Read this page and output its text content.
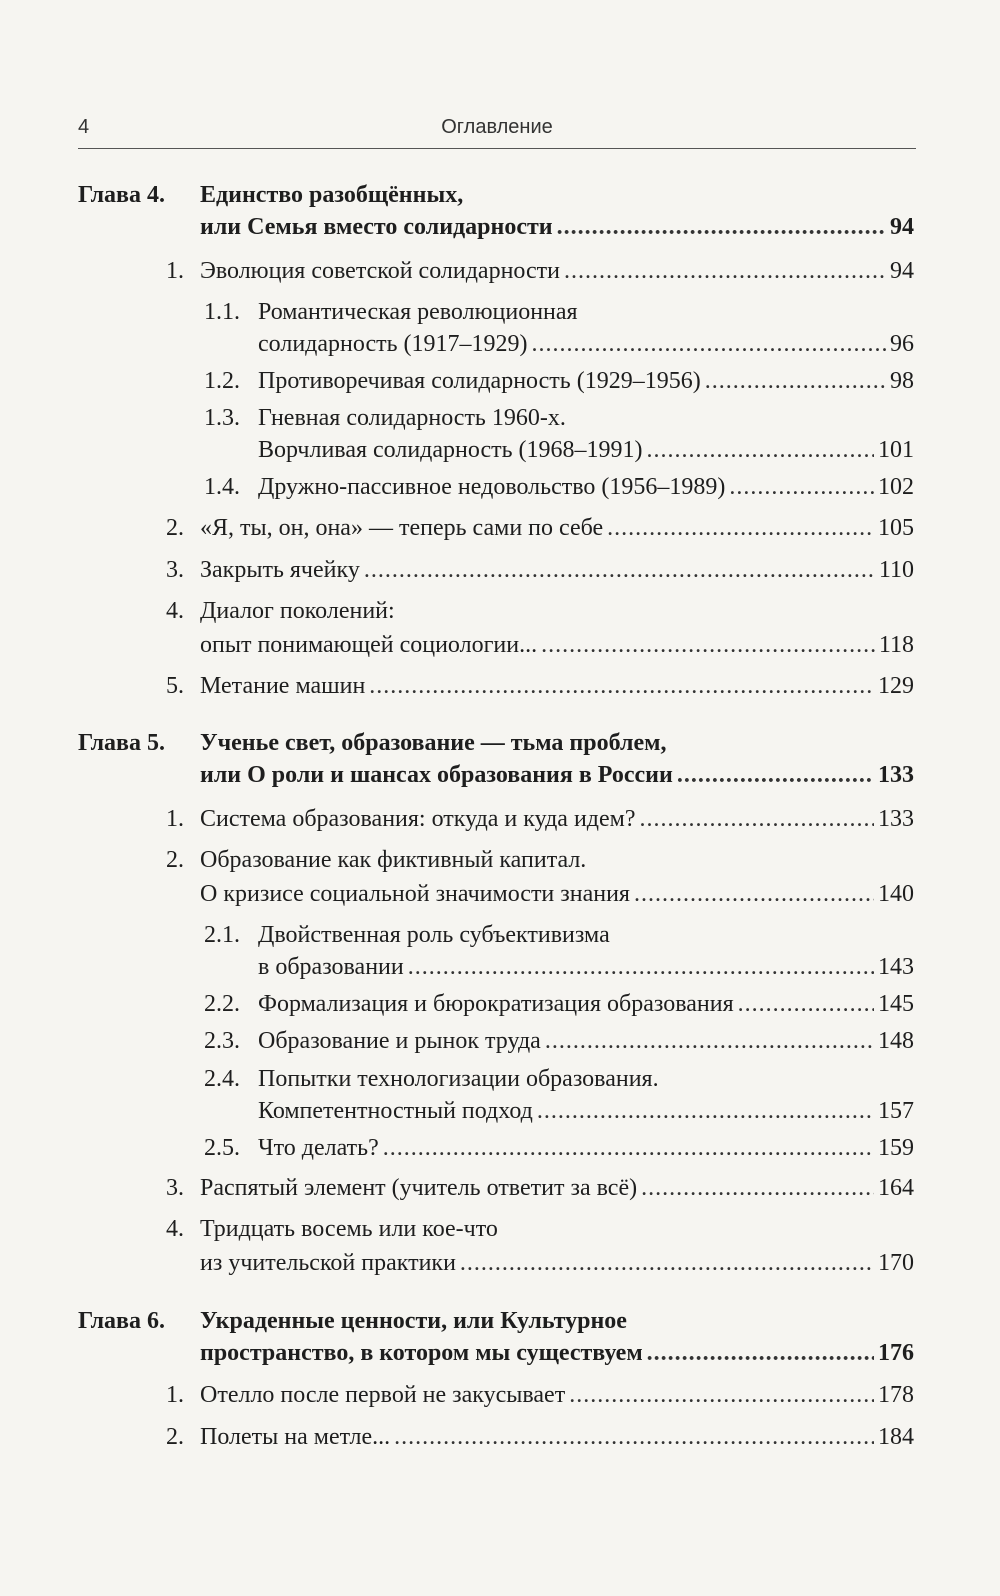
4	Оглавление
Глава 4. Единство разобщённых,
или Семья вместо солидарности .....	94
1. Эволюция советской солидарности .....	94
1.1. Романтическая революционная
солидарность (1917–1929) .....	96
1.2. Противоречивая солидарность (1929–1956) .....	98
1.3. Гневная солидарность 1960-х.
Ворчливая солидарность (1968–1991) .....	101
1.4. Дружно-пассивное недовольство (1956–1989) .....	102
2. «Я, ты, он, она» — теперь сами по себе .....	105
3. Закрыть ячейку .....	110
4. Диалог поколений:
опыт понимающей социологии... .....	118
5. Метание машин .....	129
Глава 5. Ученье свет, образование — тьма проблем,
или О роли и шансах образования в России .....	133
1. Система образования: откуда и куда идем? .....	133
2. Образование как фиктивный капитал.
О кризисе социальной значимости знания .....	140
2.1. Двойственная роль субъективизма
в образовании .....	143
2.2. Формализация и бюрократизация образования .....	145
2.3. Образование и рынок труда .....	148
2.4. Попытки технологизации образования.
Компетентностный подход .....	157
2.5. Что делать? .....	159
3. Распятый элемент (учитель ответит за всё) .....	164
4. Тридцать восемь или кое-что
из учительской практики .....	170
Глава 6. Украденные ценности, или Культурное
пространство, в котором мы существуем .....	176
1. Отелло после первой не закусывает .....	178
2. Полеты на метле... .....	184
